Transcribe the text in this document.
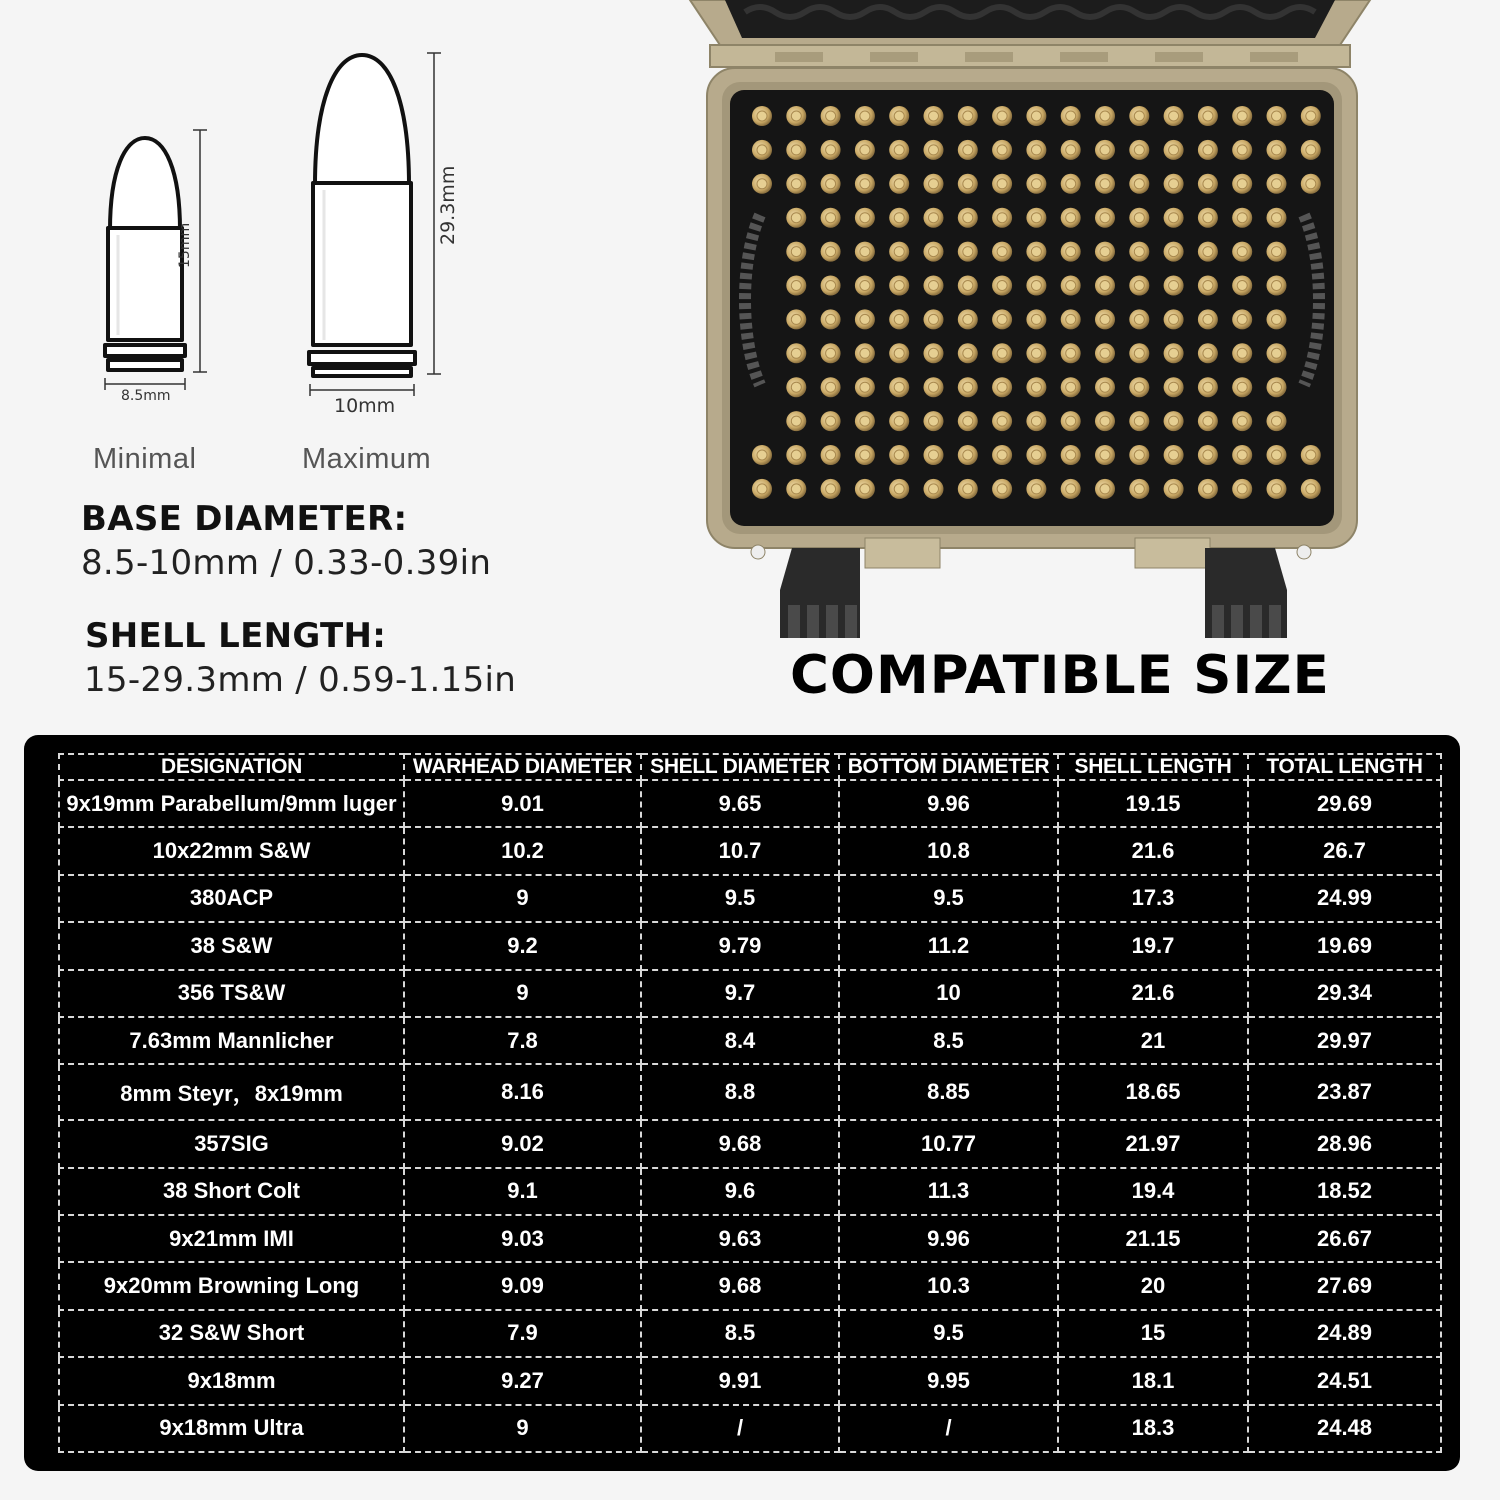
15mm
29.3mm
8.5mm	10mm
Minimal	Maximum
BASE DIAMETER:
8.5-10mm / 0.33-0.39in
SHELL LENGTH:
15-29.3mm / 0.59-1.15in	COMPATIBLE SIZE
DESIGNATION	WARHEAD DIAMETER	SHELL DIAMETER	BOTTOM DIAMETER	SHELL LENGTH	TOTAL LENGTH
9x19mm Parabellum/9mm luger	9.01	9.65	9.96	19.15	29.69
10x22mm S&W	10.2	10.7	10.8	21.6	26.7
380ACP	9	9.5	9.5	17.3	24.99
38 S&W	9.2	9.79	11.2	19.7	19.69
356 TS&W	9	9.7	10	21.6	29.34
7.63mm Mannlicher	7.8	8.4	8.5	21	29.97
8mm Steyr，8x19mm	8.16	8.8	8.85	18.65	23.87
357SIG	9.02	9.68	10.77	21.97	28.96
38 Short Colt	9.1	9.6	11.3	19.4	18.52
9x21mm IMI	9.03	9.63	9.96	21.15	26.67
9x20mm Browning Long	9.09	9.68	10.3	20	27.69
32 S&W Short	7.9	8.5	9.5	15	24.89
9x18mm	9.27	9.91	9.95	18.1	24.51
9x18mm Ultra	9	/	/	18.3	24.48
